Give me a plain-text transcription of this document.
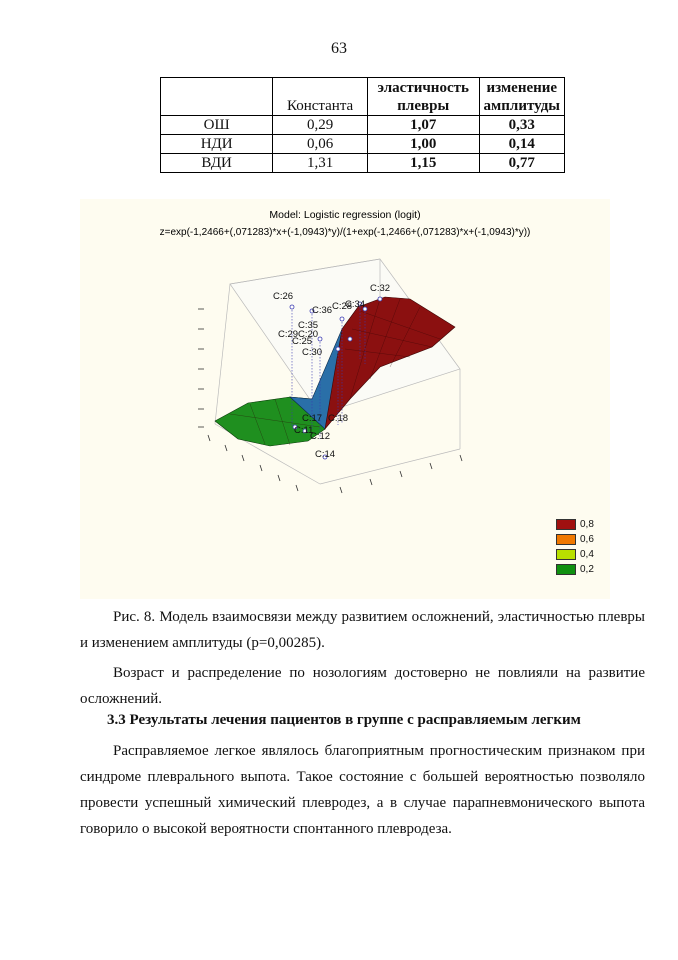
63
	Константа	эластичность плевры	изменение амплитуды
ОШ	0,29	1,07	0,33
НДИ	0,06	1,00	0,14
ВДИ	1,31	1,15	0,77
Model: Logistic regression (logit)
z=exp(-1,2466+(,071283)*x+(-1,0943)*y)/(1+exp(-1,2466+(,071283)*x+(-1,0943)*y))
C:32
C:26
C:36 C:28
C:34
C:35
C:29 C:20
C:25
C:30
C:18
C:12
C:14
C:17
C:11
0,8
0,6
0,4
0,2

Рис. 8. Модель взаимосвязи между развитием осложнений, эластичностью плевры и изменением амплитуды (p=0,00285).

Возраст и распределение по нозологиям достоверно не повлияли на развитие осложнений.

3.3 Результаты лечения пациентов в группе с расправляемым легким

Расправляемое легкое являлось благоприятным прогностическим признаком при синдроме плеврального выпота. Такое состояние с большей вероятностью позволяло провести успешный химический плевродез, а в случае парапневмонического выпота говорило о высокой вероятности спонтанного плевродеза.
